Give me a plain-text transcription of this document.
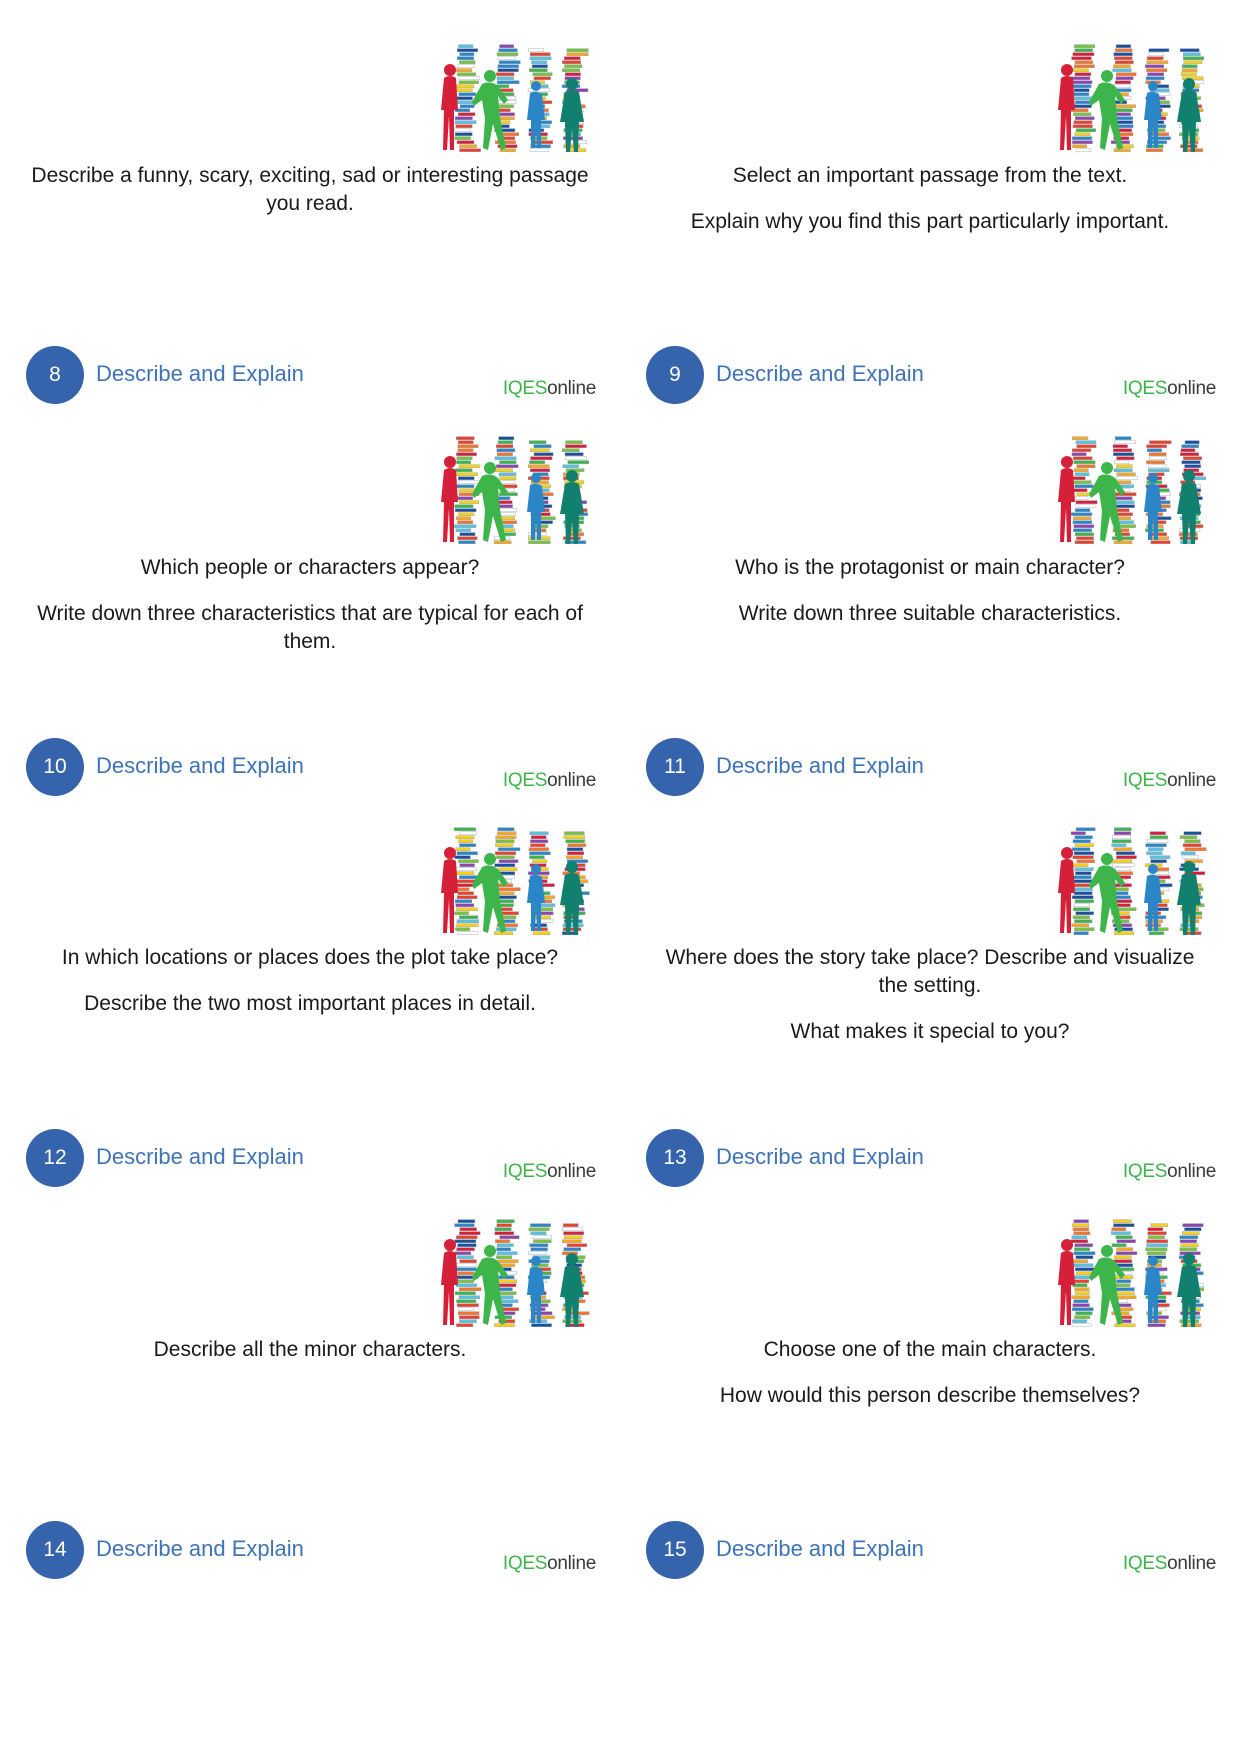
Describe a funny, scary, exciting, sad or interesting passage you read.

8	Describe and Explain
IQESonline

Select an important passage from the text.

Explain why you find this part particularly important.

9	Describe and Explain
IQESonline

Which people or characters appear?

Write down three characteristics that are typical for each of them.

10	Describe and Explain
IQESonline

Who is the protagonist or main character?

Write down three suitable characteristics.

11	Describe and Explain
IQESonline

In which locations or places does the plot take place?

Describe the two most important places in detail.

12	Describe and Explain
IQESonline

Where does the story take place? Describe and visualize the setting.

What makes it special to you?

13	Describe and Explain
IQESonline

Describe all the minor characters.

14	Describe and Explain
IQESonline

Choose one of the main characters.

How would this person describe themselves?

15	Describe and Explain
IQESonline
